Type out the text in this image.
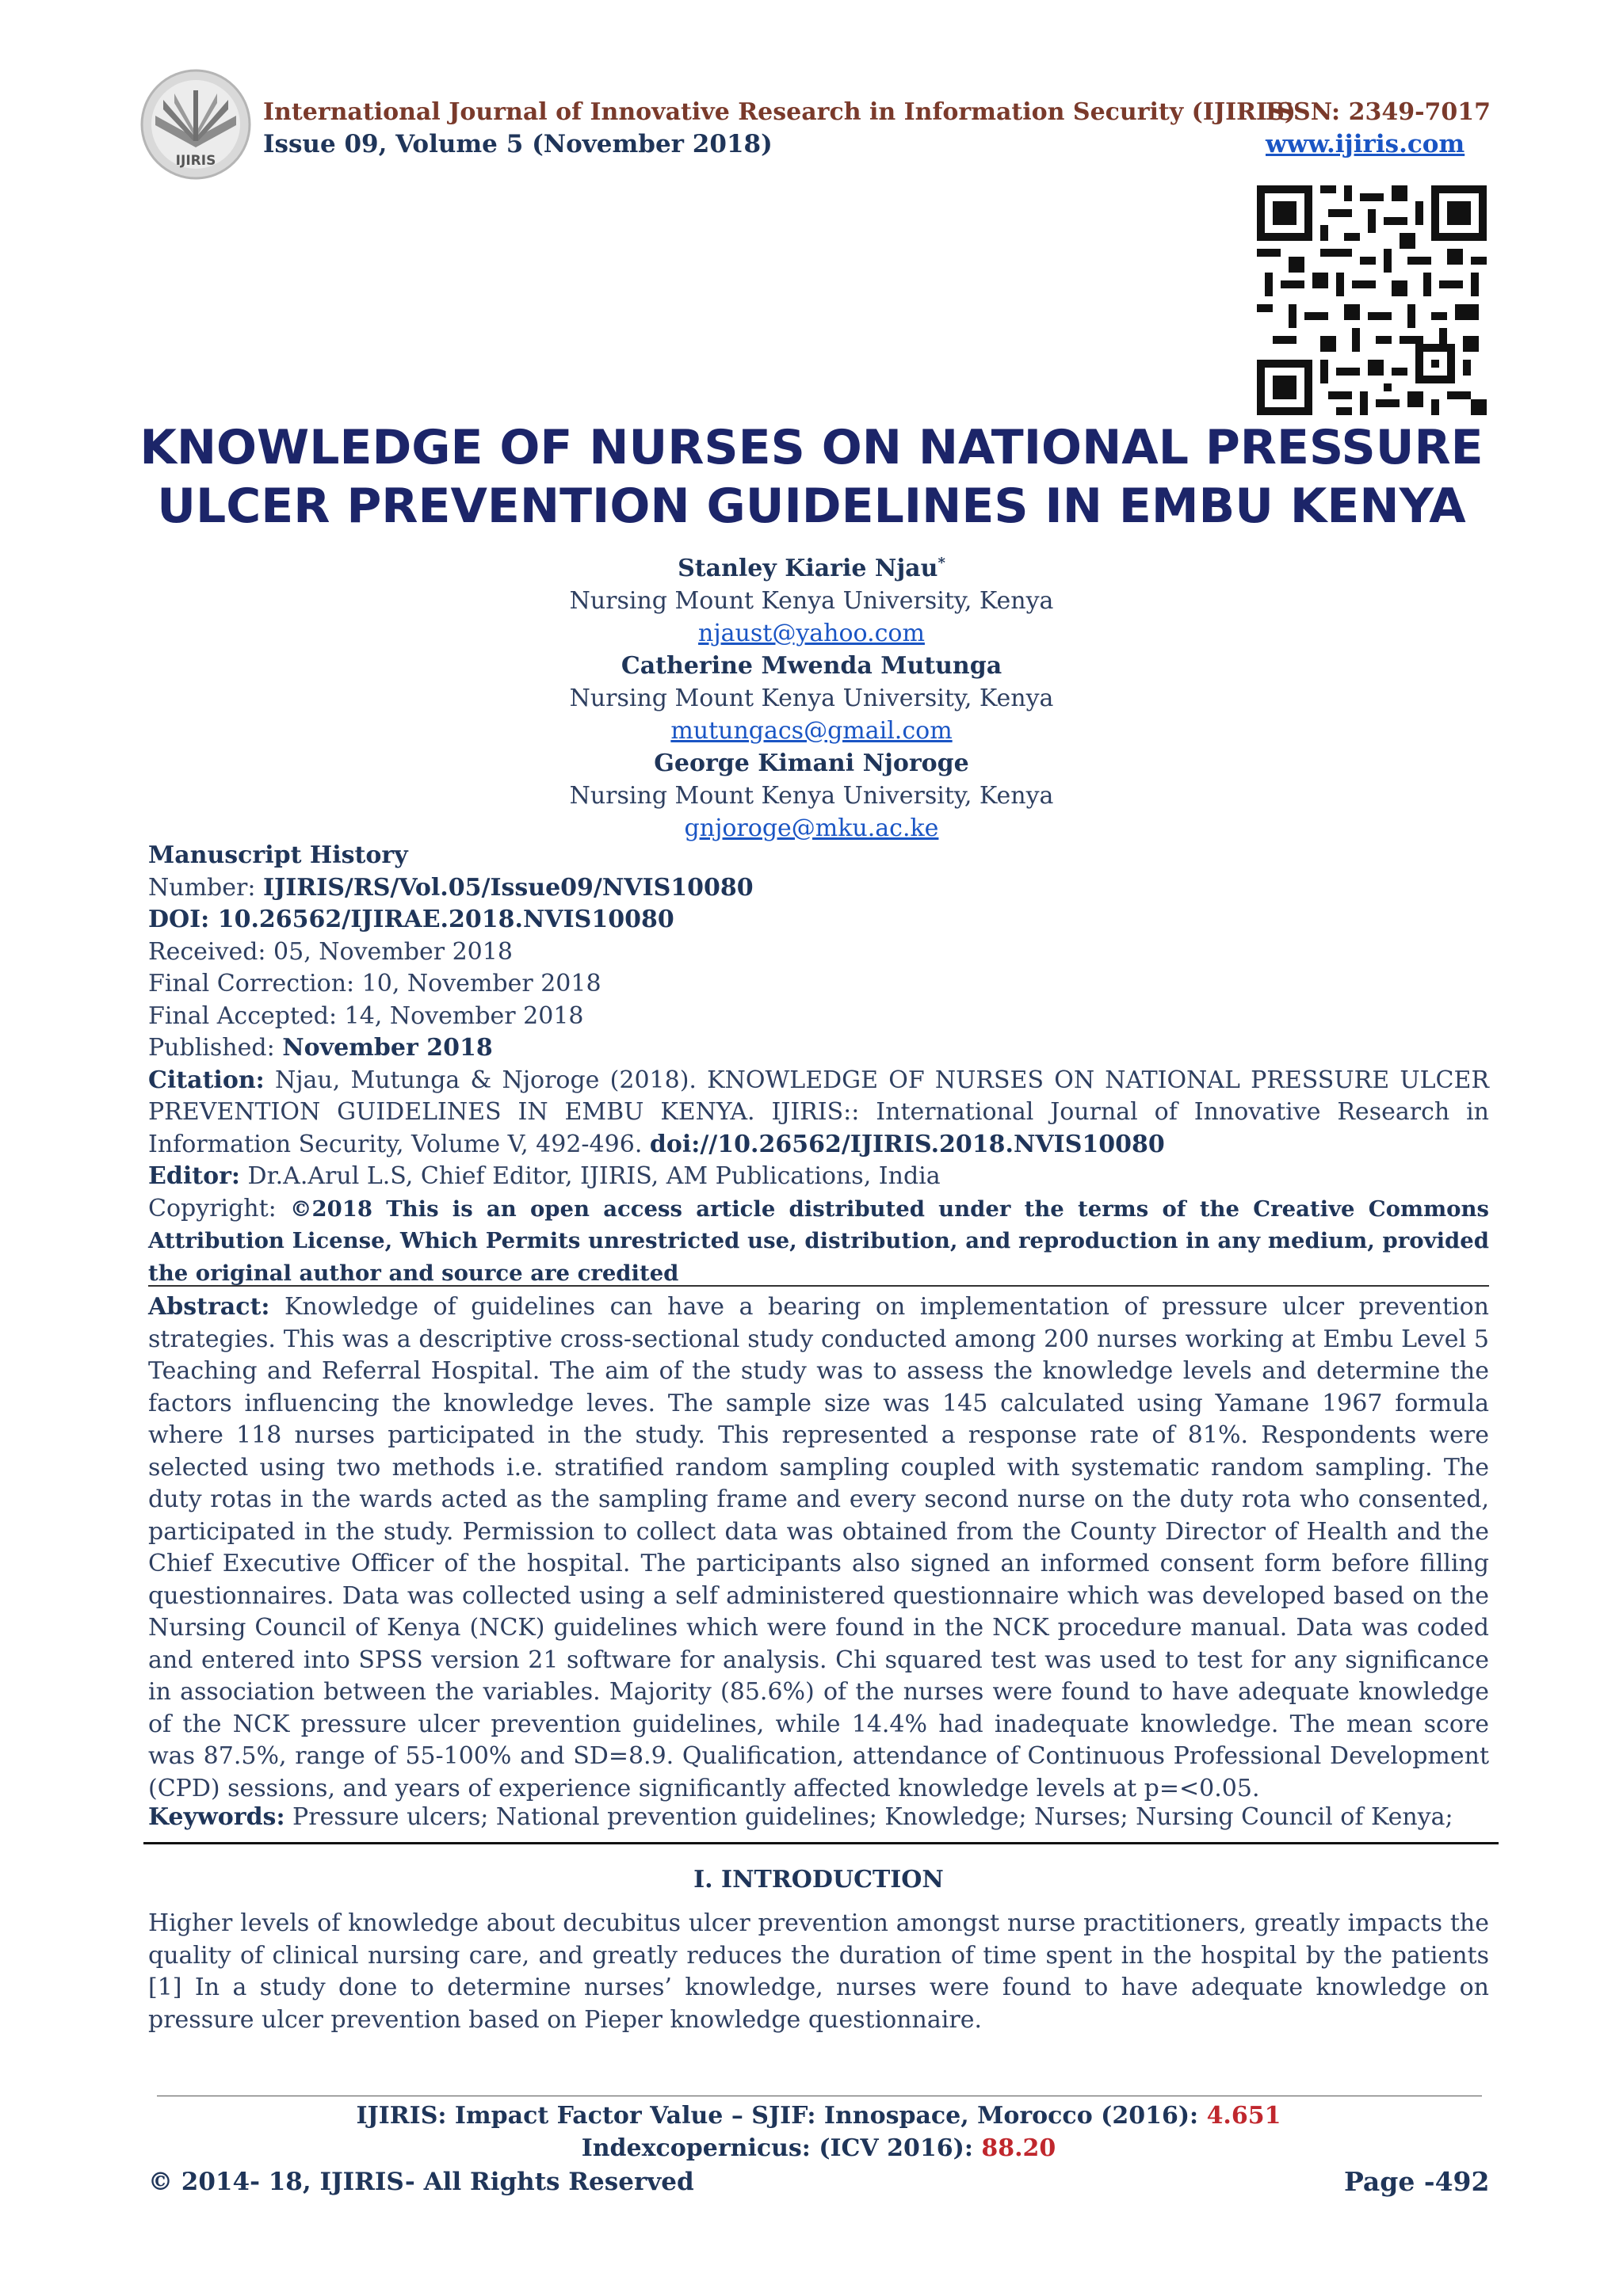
IJIRIS
International Journal of Innovative Research in Information Security (IJIRIS)
Issue 09, Volume 5 (November 2018)
ISSN: 2349-7017
www.ijiris.com
KNOWLEDGE OF NURSES ON NATIONAL PRESSURE
ULCER PREVENTION GUIDELINES IN EMBU KENYA
Stanley Kiarie Njau*
Nursing Mount Kenya University, Kenya
njaust@yahoo.com
Catherine Mwenda Mutunga
Nursing Mount Kenya University, Kenya
mutungacs@gmail.com
George Kimani Njoroge
Nursing Mount Kenya University, Kenya
gnjoroge@mku.ac.ke
Manuscript History
Number: IJIRIS/RS/Vol.05/Issue09/NVIS10080
DOI: 10.26562/IJIRAE.2018.NVIS10080
Received: 05, November 2018
Final Correction: 10, November 2018
Final Accepted: 14, November 2018
Published: November 2018
Citation: Njau, Mutunga & Njoroge (2018). KNOWLEDGE OF NURSES ON NATIONAL PRESSURE ULCER PREVENTION GUIDELINES IN EMBU KENYA. IJIRIS:: International Journal of Innovative Research in Information Security, Volume V, 492-496. doi://10.26562/IJIRIS.2018.NVIS10080
Editor: Dr.A.Arul L.S, Chief Editor, IJIRIS, AM Publications, India
Copyright: ©2018 This is an open access article distributed under the terms of the Creative Commons Attribution License, Which Permits unrestricted use, distribution, and reproduction in any medium, provided the original author and source are credited
Abstract: Knowledge of guidelines can have a bearing on implementation of pressure ulcer prevention strategies. This was a descriptive cross-sectional study conducted among 200 nurses working at Embu Level 5 Teaching and Referral Hospital. The aim of the study was to assess the knowledge levels and determine the factors influencing the knowledge leves. The sample size was 145 calculated using Yamane 1967 formula where 118 nurses participated in the study. This represented a response rate of 81%. Respondents were selected using two methods i.e. stratified random sampling coupled with systematic random sampling. The duty rotas in the wards acted as the sampling frame and every second nurse on the duty rota who consented, participated in the study. Permission to collect data was obtained from the County Director of Health and the Chief Executive Officer of the hospital. The participants also signed an informed consent form before filling questionnaires. Data was collected using a self administered questionnaire which was developed based on the Nursing Council of Kenya (NCK) guidelines which were found in the NCK procedure manual. Data was coded and entered into SPSS version 21 software for analysis. Chi squared test was used to test for any significance in association between the variables. Majority (85.6%) of the nurses were found to have adequate knowledge of the NCK pressure ulcer prevention guidelines, while 14.4% had inadequate knowledge. The mean score was 87.5%, range of 55-100% and SD=8.9. Qualification, attendance of Continuous Professional Development (CPD) sessions, and years of experience significantly affected knowledge levels at p=<0.05.
Keywords: Pressure ulcers; National prevention guidelines; Knowledge; Nurses; Nursing Council of Kenya;
I. INTRODUCTION
Higher levels of knowledge about decubitus ulcer prevention amongst nurse practitioners, greatly impacts the quality of clinical nursing care, and greatly reduces the duration of time spent in the hospital by the patients [1] In a study done to determine nurses’ knowledge, nurses were found to have adequate knowledge on pressure ulcer prevention based on Pieper knowledge questionnaire.
IJIRIS: Impact Factor Value – SJIF: Innospace, Morocco (2016): 4.651
Indexcopernicus: (ICV 2016): 88.20
© 2014- 18, IJIRIS- All Rights Reserved	Page -492
